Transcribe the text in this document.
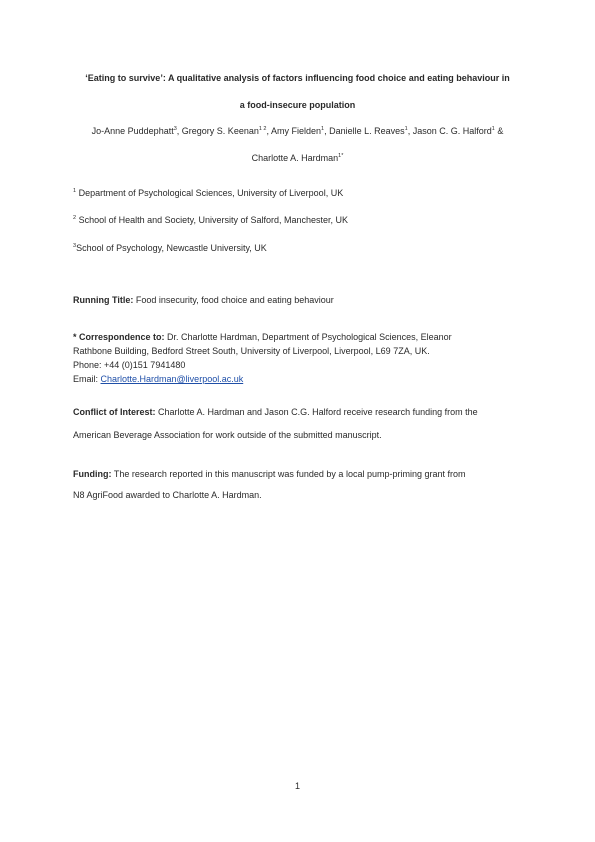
‘Eating to survive’: A qualitative analysis of factors influencing food choice and eating behaviour in
a food-insecure population
Jo-Anne Puddephatt$^3$, Gregory S. Keenan$^{1 2}$, Amy Fielden$^1$, Danielle L. Reaves$^1$, Jason C. G. Halford$^1$ &
Charlotte A. Hardman$^{1*}$
$^1$ Department of Psychological Sciences, University of Liverpool, UK
$^2$ School of Health and Society, University of Salford, Manchester, UK
$^3$School of Psychology, Newcastle University, UK
Running Title: Food insecurity, food choice and eating behaviour
* Correspondence to: Dr. Charlotte Hardman, Department of Psychological Sciences, Eleanor
Rathbone Building, Bedford Street South, University of Liverpool, Liverpool, L69 7ZA, UK.
Phone: +44 (0)151 7941480
Email: Charlotte.Hardman@liverpool.ac.uk
Conflict of Interest: Charlotte A. Hardman and Jason C.G. Halford receive research funding from the
American Beverage Association for work outside of the submitted manuscript.
Funding: The research reported in this manuscript was funded by a local pump-priming grant from
N8 AgriFood awarded to Charlotte A. Hardman.
1
